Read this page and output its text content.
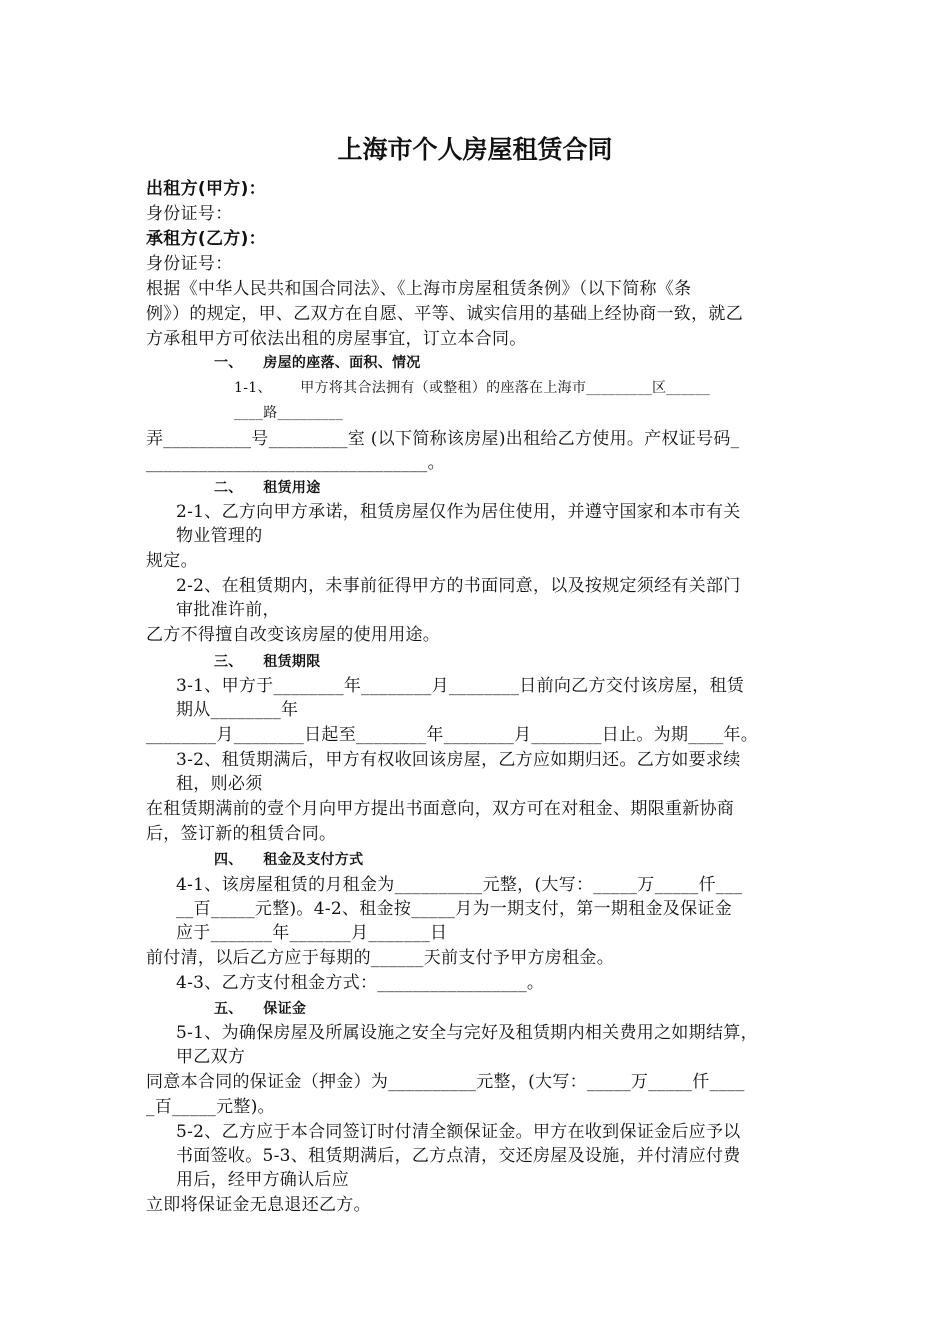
上海市个人房屋租赁合同
出租方(甲方)：
身份证号：
承租方(乙方)：
身份证号：
根据《中华人民共和国合同法》、《上海市房屋租赁条例》（以下简称《条
例》）的规定，甲、乙双方在自愿、平等、诚实信用的基础上经协商一致，就乙
方承租甲方可依法出租的房屋事宜，订立本合同。
一、    房屋的座落、面积、情况
1-1、      甲方将其合法拥有（或整租）的座落在上海市_________区______
____路_________
弄__________号_________室 (以下简称该房屋)出租给乙方使用。产权证号码_
________________________________。
二、    租赁用途
2-1、乙方向甲方承诺，租赁房屋仅作为居住使用，并遵守国家和本市有关
物业管理的
规定。
2-2、在租赁期内，未事前征得甲方的书面同意，以及按规定须经有关部门
审批准许前，
乙方不得擅自改变该房屋的使用用途。
三、    租赁期限
3-1、甲方于________年________月________日前向乙方交付该房屋，租赁
期从________年
________月________日起至________年________月________日止。为期____年。
3-2、租赁期满后，甲方有权收回该房屋，乙方应如期归还。乙方如要求续
租，则必须
在租赁期满前的壹个月向甲方提出书面意向，双方可在对租金、期限重新协商
后，签订新的租赁合同。
四、    租金及支付方式
4-1、该房屋租赁的月租金为__________元整，(大写：_____万_____仟___
__百_____元整)。4-2、租金按_____月为一期支付，第一期租金及保证金
应于_______年_______月_______日
前付清，以后乙方应于每期的______天前支付予甲方房租金。
4-3、乙方支付租金方式：_________________。
五、    保证金
5-1、为确保房屋及所属设施之安全与完好及租赁期内相关费用之如期结算，
甲乙双方
同意本合同的保证金（押金）为__________元整，(大写：_____万_____仟____
_百_____元整)。
5-2、乙方应于本合同签订时付清全额保证金。甲方在收到保证金后应予以
书面签收。5-3、租赁期满后，乙方点清，交还房屋及设施，并付清应付费
用后，经甲方确认后应
立即将保证金无息退还乙方。
